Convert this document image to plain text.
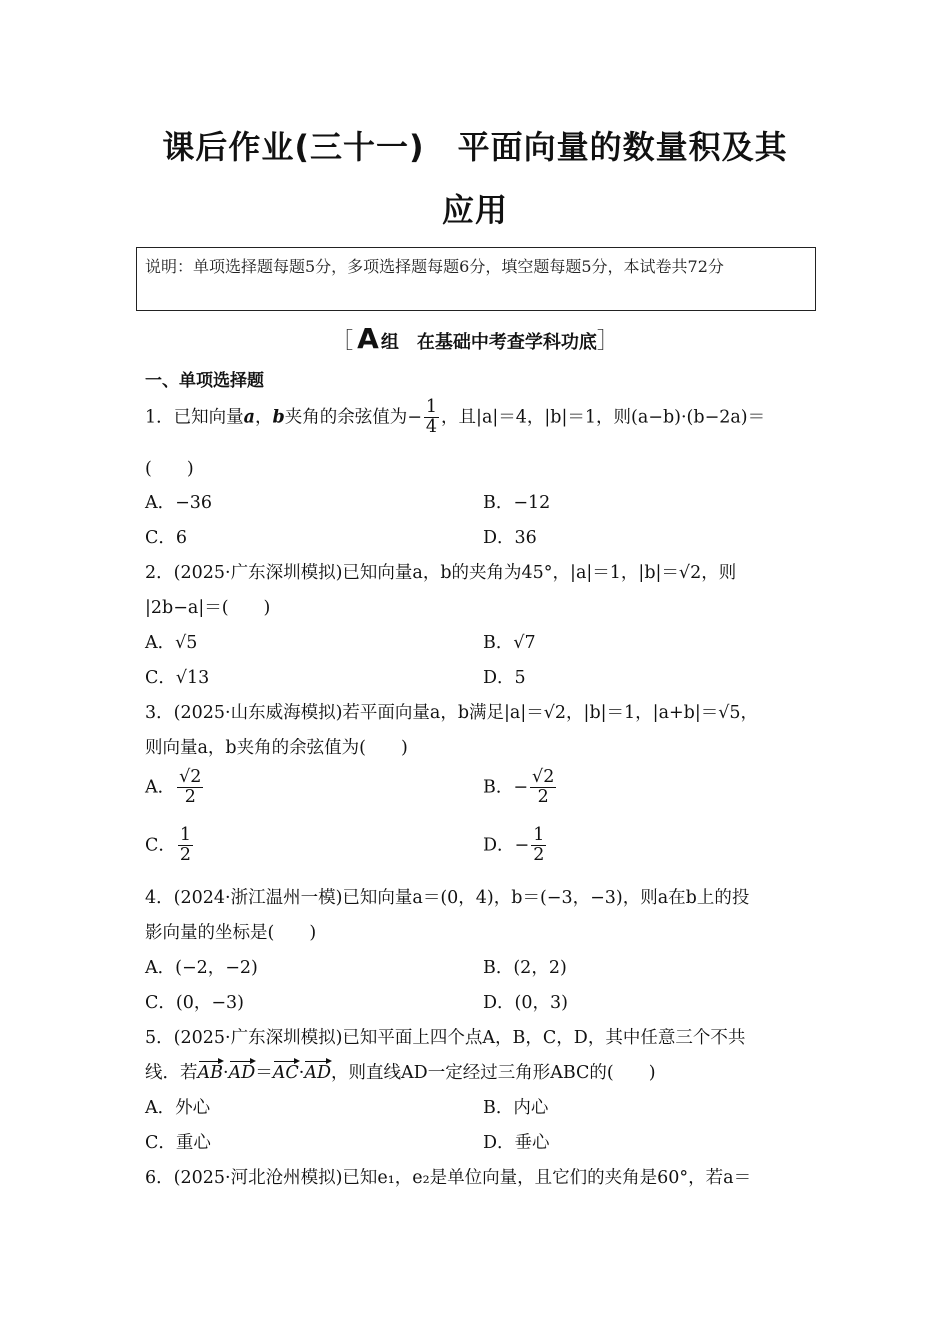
课后作业(三十一)　平面向量的数量积及其
应用
说明：单项选择题每题5分，多项选择题每题6分，填空题每题5分，本试卷共72分
［ A 组　 在基础中考查学科功底］
一、单项选择题
1．已知向量a，b夹角的余弦值为− $\frac{1}{4}$ ，且|a|＝4，|b|＝1，则(a−b)·(b−2a)＝
(　　)
A．−36	B．−12
C．6	D．36
2．(2025·广东深圳模拟)已知向量a，b的夹角为45°，|a|＝1，|b|＝√2，则
|2b−a|＝(　　)
A．√5	B．√7
C．√13	D．5
3．(2025·山东威海模拟)若平面向量a，b满足|a|＝√2，|b|＝1，|a+b|＝√5，
则向量a，b夹角的余弦值为(　　)
A． $\frac{√2}{2}$	B．− $\frac{√2}{2}$
C． $\frac{1}{2}$	D．− $\frac{1}{2}$
4．(2024·浙江温州一模)已知向量a＝(0，4)，b＝(−3，−3)，则a在b上的投
影向量的坐标是(　　)
A．(−2，−2)	B．(2，2)
C．(0，−3)	D．(0，3)
5．(2025·广东深圳模拟)已知平面上四个点A，B，C，D，其中任意三个不共
线．若AB·AD＝AC·AD，则直线AD一定经过三角形ABC的(　　)
A．外心	B．内心
C．重心	D．垂心
6．(2025·河北沧州模拟)已知e₁，e₂是单位向量，且它们的夹角是60°，若a＝
